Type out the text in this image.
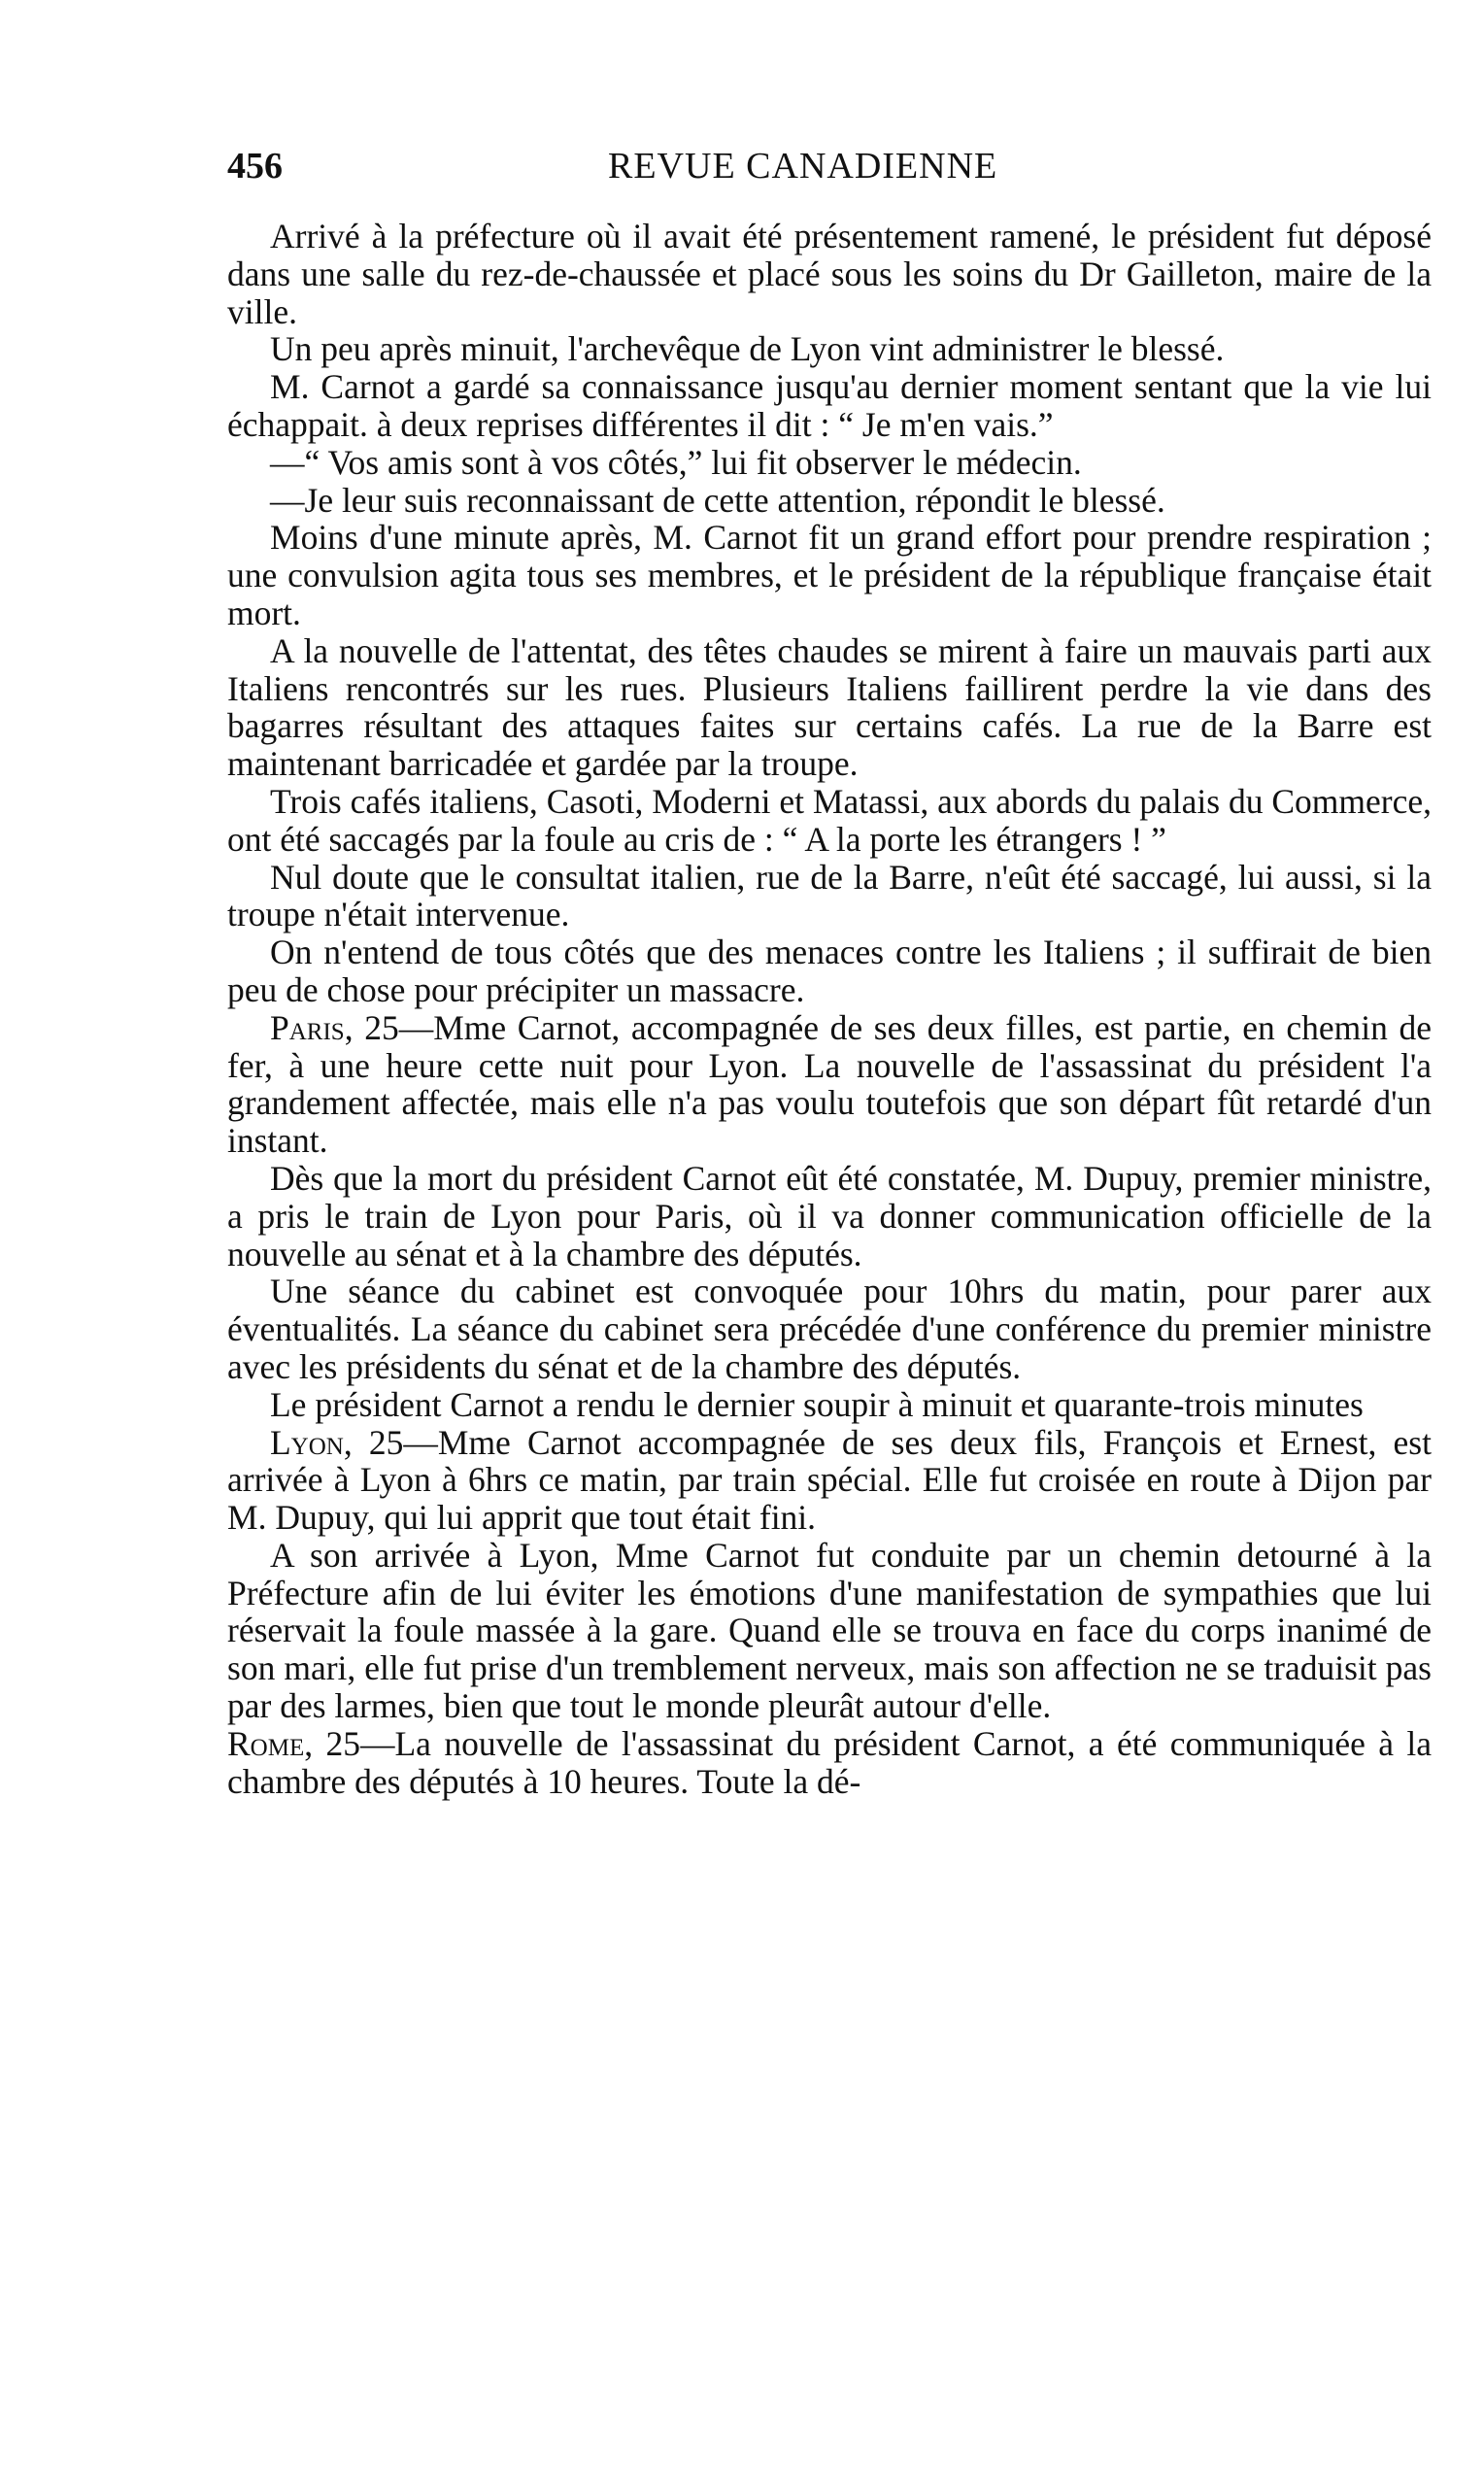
456	REVUE CANADIENNE

Arrivé à la préfecture où il avait été présentement ramené, le président fut déposé dans une salle du rez-de-chaussée et placé sous les soins du Dr Gailleton, maire de la ville.

Un peu après minuit, l'archevêque de Lyon vint administrer le blessé.

M. Carnot a gardé sa connaissance jusqu'au dernier moment sentant que la vie lui échappait. à deux reprises différentes il dit : “ Je m'en vais.”

—“ Vos amis sont à vos côtés,” lui fit observer le médecin.

—Je leur suis reconnaissant de cette attention, répondit le blessé.

Moins d'une minute après, M. Carnot fit un grand effort pour prendre respiration ; une convulsion agita tous ses membres, et le président de la république française était mort.

A la nouvelle de l'attentat, des têtes chaudes se mirent à faire un mauvais parti aux Italiens rencontrés sur les rues. Plusieurs Italiens faillirent perdre la vie dans des bagarres résultant des attaques faites sur certains cafés. La rue de la Barre est maintenant barricadée et gardée par la troupe.

Trois cafés italiens, Casoti, Moderni et Matassi, aux abords du palais du Commerce, ont été saccagés par la foule au cris de : “ A la porte les étrangers ! ”

Nul doute que le consultat italien, rue de la Barre, n'eût été saccagé, lui aussi, si la troupe n'était intervenue.

On n'entend de tous côtés que des menaces contre les Italiens ; il suffirait de bien peu de chose pour précipiter un massacre.

Paris, 25—Mme Carnot, accompagnée de ses deux filles, est partie, en chemin de fer, à une heure cette nuit pour Lyon. La nouvelle de l'assassinat du président l'a grandement affectée, mais elle n'a pas voulu toutefois que son départ fût retardé d'un instant.

Dès que la mort du président Carnot eût été constatée, M. Dupuy, premier ministre, a pris le train de Lyon pour Paris, où il va donner communication officielle de la nouvelle au sénat et à la chambre des députés.

Une séance du cabinet est convoquée pour 10hrs du matin, pour parer aux éventualités. La séance du cabinet sera précédée d'une conférence du premier ministre avec les présidents du sénat et de la chambre des députés.

Le président Carnot a rendu le dernier soupir à minuit et quarante-trois minutes

Lyon, 25—Mme Carnot accompagnée de ses deux fils, François et Ernest, est arrivée à Lyon à 6hrs ce matin, par train spécial. Elle fut croisée en route à Dijon par M. Dupuy, qui lui apprit que tout était fini.

A son arrivée à Lyon, Mme Carnot fut conduite par un chemin detourné à la Préfecture afin de lui éviter les émotions d'une manifestation de sympathies que lui réservait la foule massée à la gare. Quand elle se trouva en face du corps inanimé de son mari, elle fut prise d'un tremblement nerveux, mais son affection ne se traduisit pas par des larmes, bien que tout le monde pleurât autour d'elle.

Rome, 25—La nouvelle de l'assassinat du président Carnot, a été communiquée à la chambre des députés à 10 heures. Toute la dé-
